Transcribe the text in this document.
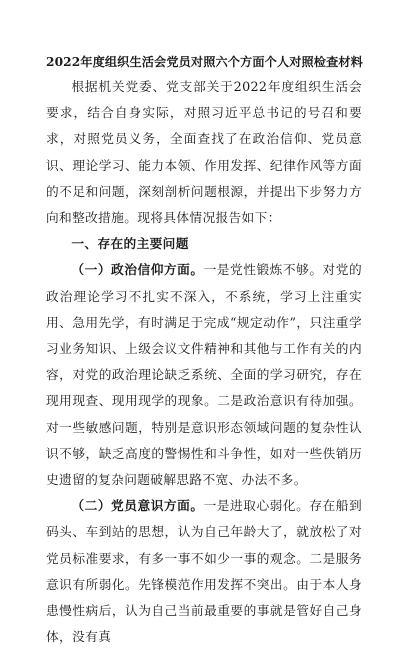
2022年度组织生活会党员对照六个方面个人对照检查材料

根据机关党委、党支部关于2022年度组织生活会要求，结合自身实际，对照习近平总书记的号召和要求，对照党员义务，全面查找了在政治信仰、党员意识、理论学习、能力本领、作用发挥、纪律作风等方面的不足和问题，深刻剖析问题根源，并提出下步努力方向和整改措施。现将具体情况报告如下：

一、存在的主要问题

（一）政治信仰方面。一是党性锻炼不够。对党的政治理论学习不扎实不深入，不系统，学习上注重实用、急用先学，有时满足于完成“规定动作”，只注重学习业务知识、上级会议文件精神和其他与工作有关的内容，对党的政治理论缺乏系统、全面的学习研究，存在现用现查、现用现学的现象。二是政治意识有待加强。对一些敏感问题，特别是意识形态领域问题的复杂性认识不够，缺乏高度的警惕性和斗争性，如对一些佚销历史遗留的复杂问题破解思路不宽、办法不多。

（二）党员意识方面。一是进取心弱化。存在船到码头、车到站的思想，认为自己年龄大了，就放松了对党员标准要求，有多一事不如少一事的观念。二是服务意识有所弱化。先锋模范作用发挥不突出。由于本人身患慢性病后，认为自己当前最重要的事就是管好自己身体，没有真
